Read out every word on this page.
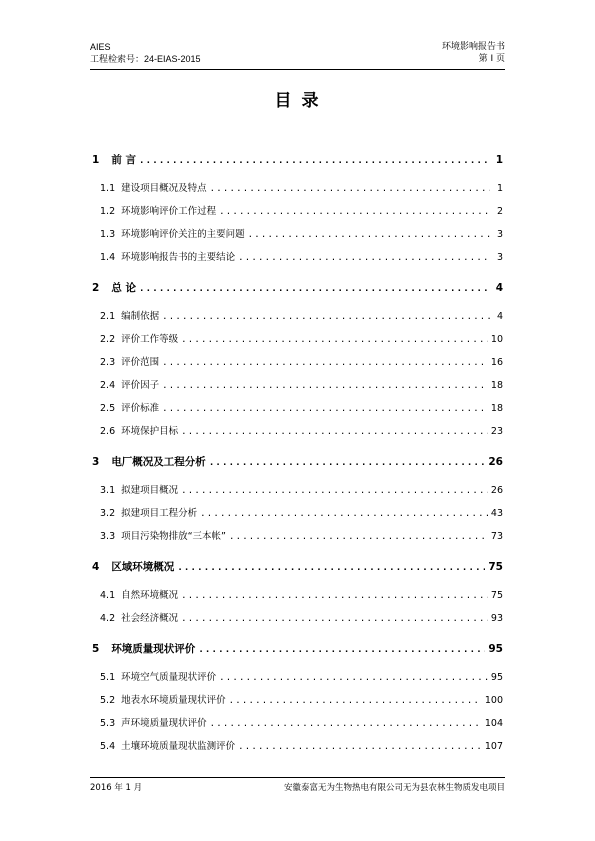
AIES
工程检索号：24-EIAS-2015
环境影响报告书
第 I 页
目 录
1 前 言 .....	1
1.1 建设项目概况及特点 .....	1
1.2 环境影响评价工作过程 .....	2
1.3 环境影响评价关注的主要问题 .....	3
1.4 环境影响报告书的主要结论 .....	3
2 总 论 .....	4
2.1 编制依据 .....	4
2.2 评价工作等级 .....	10
2.3 评价范围 .....	16
2.4 评价因子 .....	18
2.5 评价标准 .....	18
2.6 环境保护目标 .....	23
3 电厂概况及工程分析 .....	26
3.1 拟建项目概况 .....	26
3.2 拟建项目工程分析 .....	43
3.3 项目污染物排放“三本帐” .....	73
4 区域环境概况 .....	75
4.1 自然环境概况 .....	75
4.2 社会经济概况 .....	93
5 环境质量现状评价 .....	95
5.1 环境空气质量现状评价 .....	95
5.2 地表水环境质量现状评价 .....	100
5.3 声环境质量现状评价 .....	104
5.4 土壤环境质量现状监测评价 .....	107
2016 年 1 月	安徽泰富无为生物热电有限公司无为县农林生物质发电项目
